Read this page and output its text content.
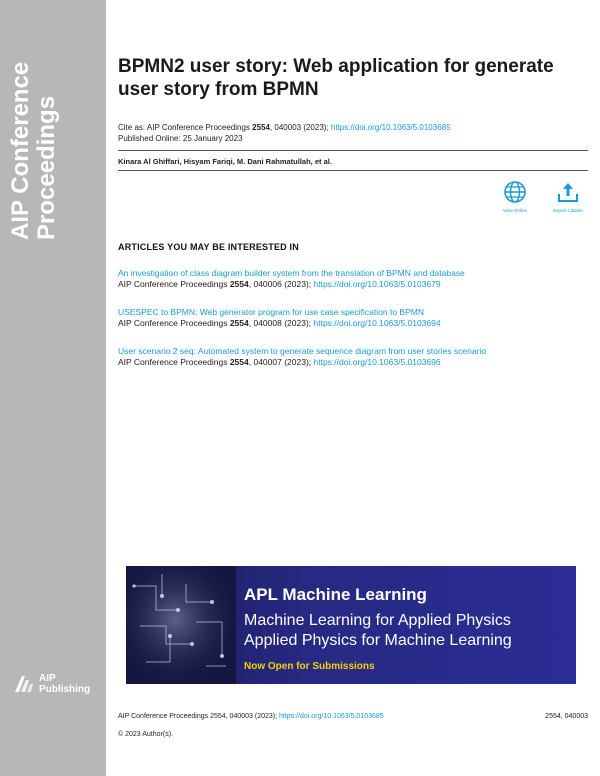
AIP Conference Proceedings
AIP
Publishing
BPMN2 user story: Web application for generate user story from BPMN
Cite as: AIP Conference Proceedings 2554, 040003 (2023); https://doi.org/10.1063/5.0103685
Published Online: 25 January 2023
Kinara Al Ghiffari, Hisyam Fariqi, M. Dani Rahmatullah, et al.
View Online	Export Citation
ARTICLES YOU MAY BE INTERESTED IN
An investigation of class diagram builder system from the translation of BPMN and database
AIP Conference Proceedings 2554, 040006 (2023); https://doi.org/10.1063/5.0103679
USESPEC to BPMN: Web generator program for use case specification to BPMN
AIP Conference Proceedings 2554, 040008 (2023); https://doi.org/10.1063/5.0103694
User scenario 2 seq: Automated system to generate sequence diagram from user stories scenario
AIP Conference Proceedings 2554, 040007 (2023); https://doi.org/10.1063/5.0103696
APL Machine Learning
Machine Learning for Applied Physics
Applied Physics for Machine Learning
Now Open for Submissions
AIP Conference Proceedings 2554, 040003 (2023); https://doi.org/10.1063/5.0103685	2554, 040003
© 2023 Author(s).
